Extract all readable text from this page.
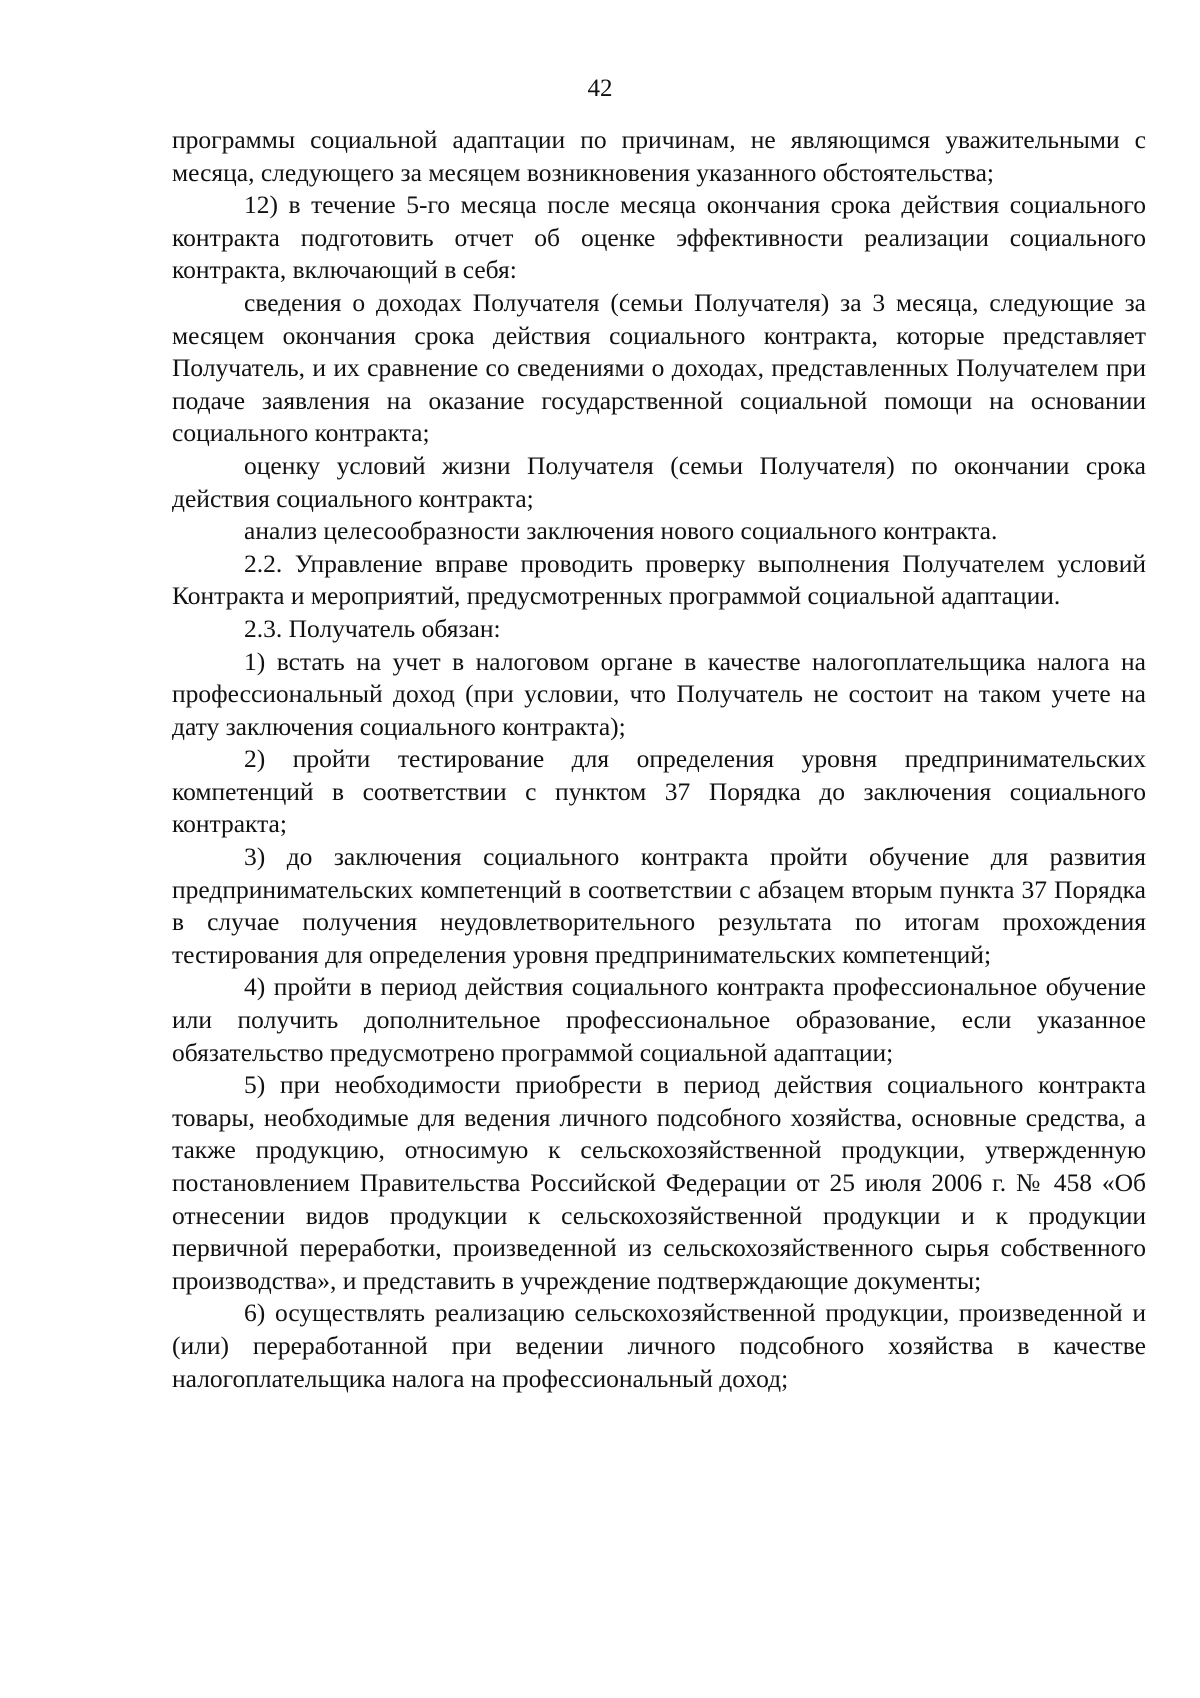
42

программы социальной адаптации по причинам, не являющимся уважительными с месяца, следующего за месяцем возникновения указанного обстоятельства;

12) в течение 5-го месяца после месяца окончания срока действия социального контракта подготовить отчет об оценке эффективности реализации социального контракта, включающий в себя:

сведения о доходах Получателя (семьи Получателя) за 3 месяца, следующие за месяцем окончания срока действия социального контракта, которые представляет Получатель, и их сравнение со сведениями о доходах, представленных Получателем при подаче заявления на оказание государственной социальной помощи на основании социального контракта;

оценку условий жизни Получателя (семьи Получателя) по окончании срока действия социального контракта;

анализ целесообразности заключения нового социального контракта.

2.2. Управление вправе проводить проверку выполнения Получателем условий Контракта и мероприятий, предусмотренных программой социальной адаптации.

2.3. Получатель обязан:

1) встать на учет в налоговом органе в качестве налогоплательщика налога на профессиональный доход (при условии, что Получатель не состоит на таком учете на дату заключения социального контракта);

2) пройти тестирование для определения уровня предпринимательских компетенций в соответствии с пунктом 37 Порядка до заключения социального контракта;

3) до заключения социального контракта пройти обучение для развития предпринимательских компетенций в соответствии с абзацем вторым пункта 37 Порядка в случае получения неудовлетворительного результата по итогам прохождения тестирования для определения уровня предпринимательских компетенций;

4) пройти в период действия социального контракта профессиональное обучение или получить дополнительное профессиональное образование, если указанное обязательство предусмотрено программой социальной адаптации;

5) при необходимости приобрести в период действия социального контракта товары, необходимые для ведения личного подсобного хозяйства, основные средства, а также продукцию, относимую к сельскохозяйственной продукции, утвержденную постановлением Правительства Российской Федерации от 25 июля 2006 г. № 458 «Об отнесении видов продукции к сельскохозяйственной продукции и к продукции первичной переработки, произведенной из сельскохозяйственного сырья собственного производства», и представить в учреждение подтверждающие документы;

6) осуществлять реализацию сельскохозяйственной продукции, произведенной и (или) переработанной при ведении личного подсобного хозяйства в качестве налогоплательщика налога на профессиональный доход;
